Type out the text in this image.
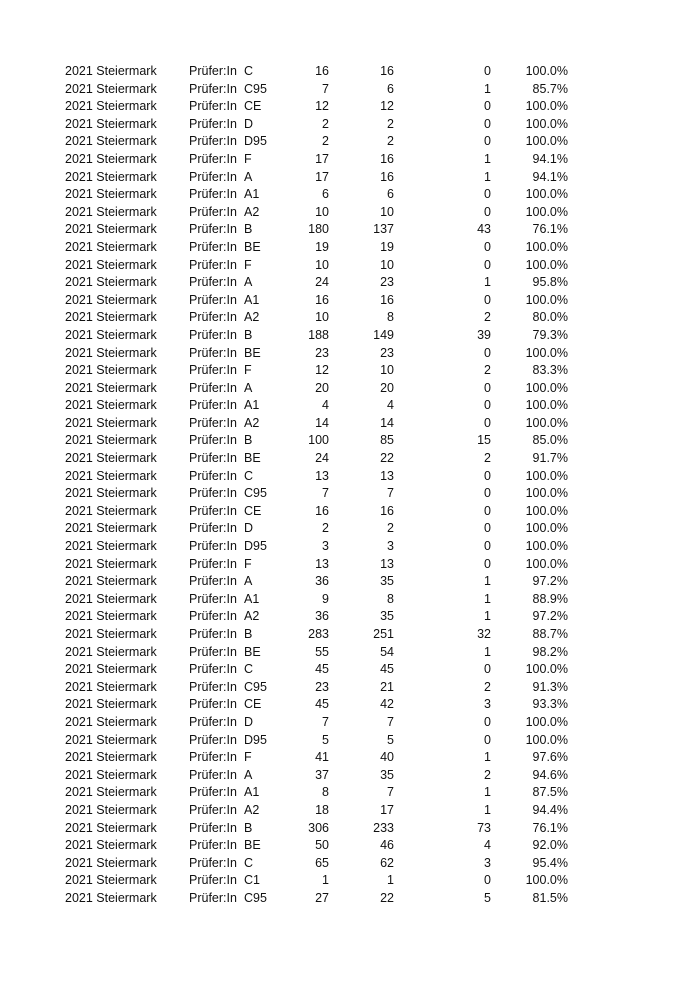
2021 Steiermark	Prüfer:In C	16	16	0	100.0%
2021 Steiermark	Prüfer:In C95	7	6	1	85.7%
2021 Steiermark	Prüfer:In CE	12	12	0	100.0%
2021 Steiermark	Prüfer:In D	2	2	0	100.0%
2021 Steiermark	Prüfer:In D95	2	2	0	100.0%
2021 Steiermark	Prüfer:In F	17	16	1	94.1%
2021 Steiermark	Prüfer:In A	17	16	1	94.1%
2021 Steiermark	Prüfer:In A1	6	6	0	100.0%
2021 Steiermark	Prüfer:In A2	10	10	0	100.0%
2021 Steiermark	Prüfer:In B	180	137	43	76.1%
2021 Steiermark	Prüfer:In BE	19	19	0	100.0%
2021 Steiermark	Prüfer:In F	10	10	0	100.0%
2021 Steiermark	Prüfer:In A	24	23	1	95.8%
2021 Steiermark	Prüfer:In A1	16	16	0	100.0%
2021 Steiermark	Prüfer:In A2	10	8	2	80.0%
2021 Steiermark	Prüfer:In B	188	149	39	79.3%
2021 Steiermark	Prüfer:In BE	23	23	0	100.0%
2021 Steiermark	Prüfer:In F	12	10	2	83.3%
2021 Steiermark	Prüfer:In A	20	20	0	100.0%
2021 Steiermark	Prüfer:In A1	4	4	0	100.0%
2021 Steiermark	Prüfer:In A2	14	14	0	100.0%
2021 Steiermark	Prüfer:In B	100	85	15	85.0%
2021 Steiermark	Prüfer:In BE	24	22	2	91.7%
2021 Steiermark	Prüfer:In C	13	13	0	100.0%
2021 Steiermark	Prüfer:In C95	7	7	0	100.0%
2021 Steiermark	Prüfer:In CE	16	16	0	100.0%
2021 Steiermark	Prüfer:In D	2	2	0	100.0%
2021 Steiermark	Prüfer:In D95	3	3	0	100.0%
2021 Steiermark	Prüfer:In F	13	13	0	100.0%
2021 Steiermark	Prüfer:In A	36	35	1	97.2%
2021 Steiermark	Prüfer:In A1	9	8	1	88.9%
2021 Steiermark	Prüfer:In A2	36	35	1	97.2%
2021 Steiermark	Prüfer:In B	283	251	32	88.7%
2021 Steiermark	Prüfer:In BE	55	54	1	98.2%
2021 Steiermark	Prüfer:In C	45	45	0	100.0%
2021 Steiermark	Prüfer:In C95	23	21	2	91.3%
2021 Steiermark	Prüfer:In CE	45	42	3	93.3%
2021 Steiermark	Prüfer:In D	7	7	0	100.0%
2021 Steiermark	Prüfer:In D95	5	5	0	100.0%
2021 Steiermark	Prüfer:In F	41	40	1	97.6%
2021 Steiermark	Prüfer:In A	37	35	2	94.6%
2021 Steiermark	Prüfer:In A1	8	7	1	87.5%
2021 Steiermark	Prüfer:In A2	18	17	1	94.4%
2021 Steiermark	Prüfer:In B	306	233	73	76.1%
2021 Steiermark	Prüfer:In BE	50	46	4	92.0%
2021 Steiermark	Prüfer:In C	65	62	3	95.4%
2021 Steiermark	Prüfer:In C1	1	1	0	100.0%
2021 Steiermark	Prüfer:In C95	27	22	5	81.5%
